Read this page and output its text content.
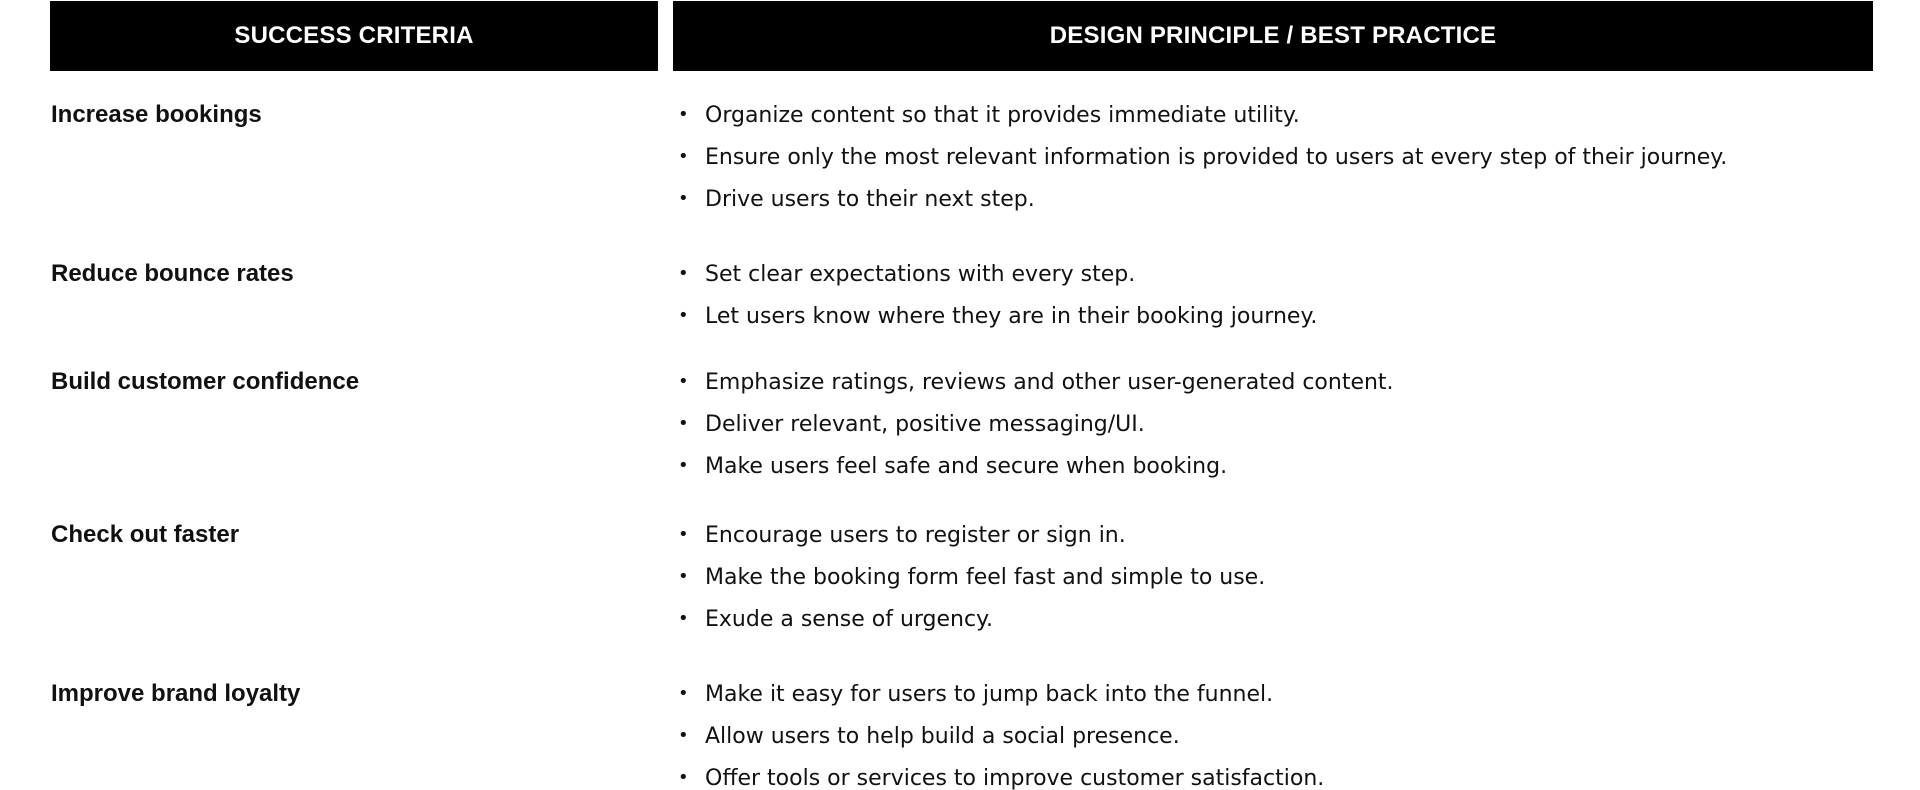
SUCCESS CRITERIA	DESIGN PRINCIPLE / BEST PRACTICE
Increase bookings	• Organize content so that it provides immediate utility.
• Ensure only the most relevant information is provided to users at every step of their journey.
• Drive users to their next step.
Reduce bounce rates	• Set clear expectations with every step.
• Let users know where they are in their booking journey.
Build customer confidence	• Emphasize ratings, reviews and other user-generated content.
• Deliver relevant, positive messaging/UI.
• Make users feel safe and secure when booking.
Check out faster	• Encourage users to register or sign in.
• Make the booking form feel fast and simple to use.
• Exude a sense of urgency.
Improve brand loyalty	• Make it easy for users to jump back into the funnel.
• Allow users to help build a social presence.
• Offer tools or services to improve customer satisfaction.
